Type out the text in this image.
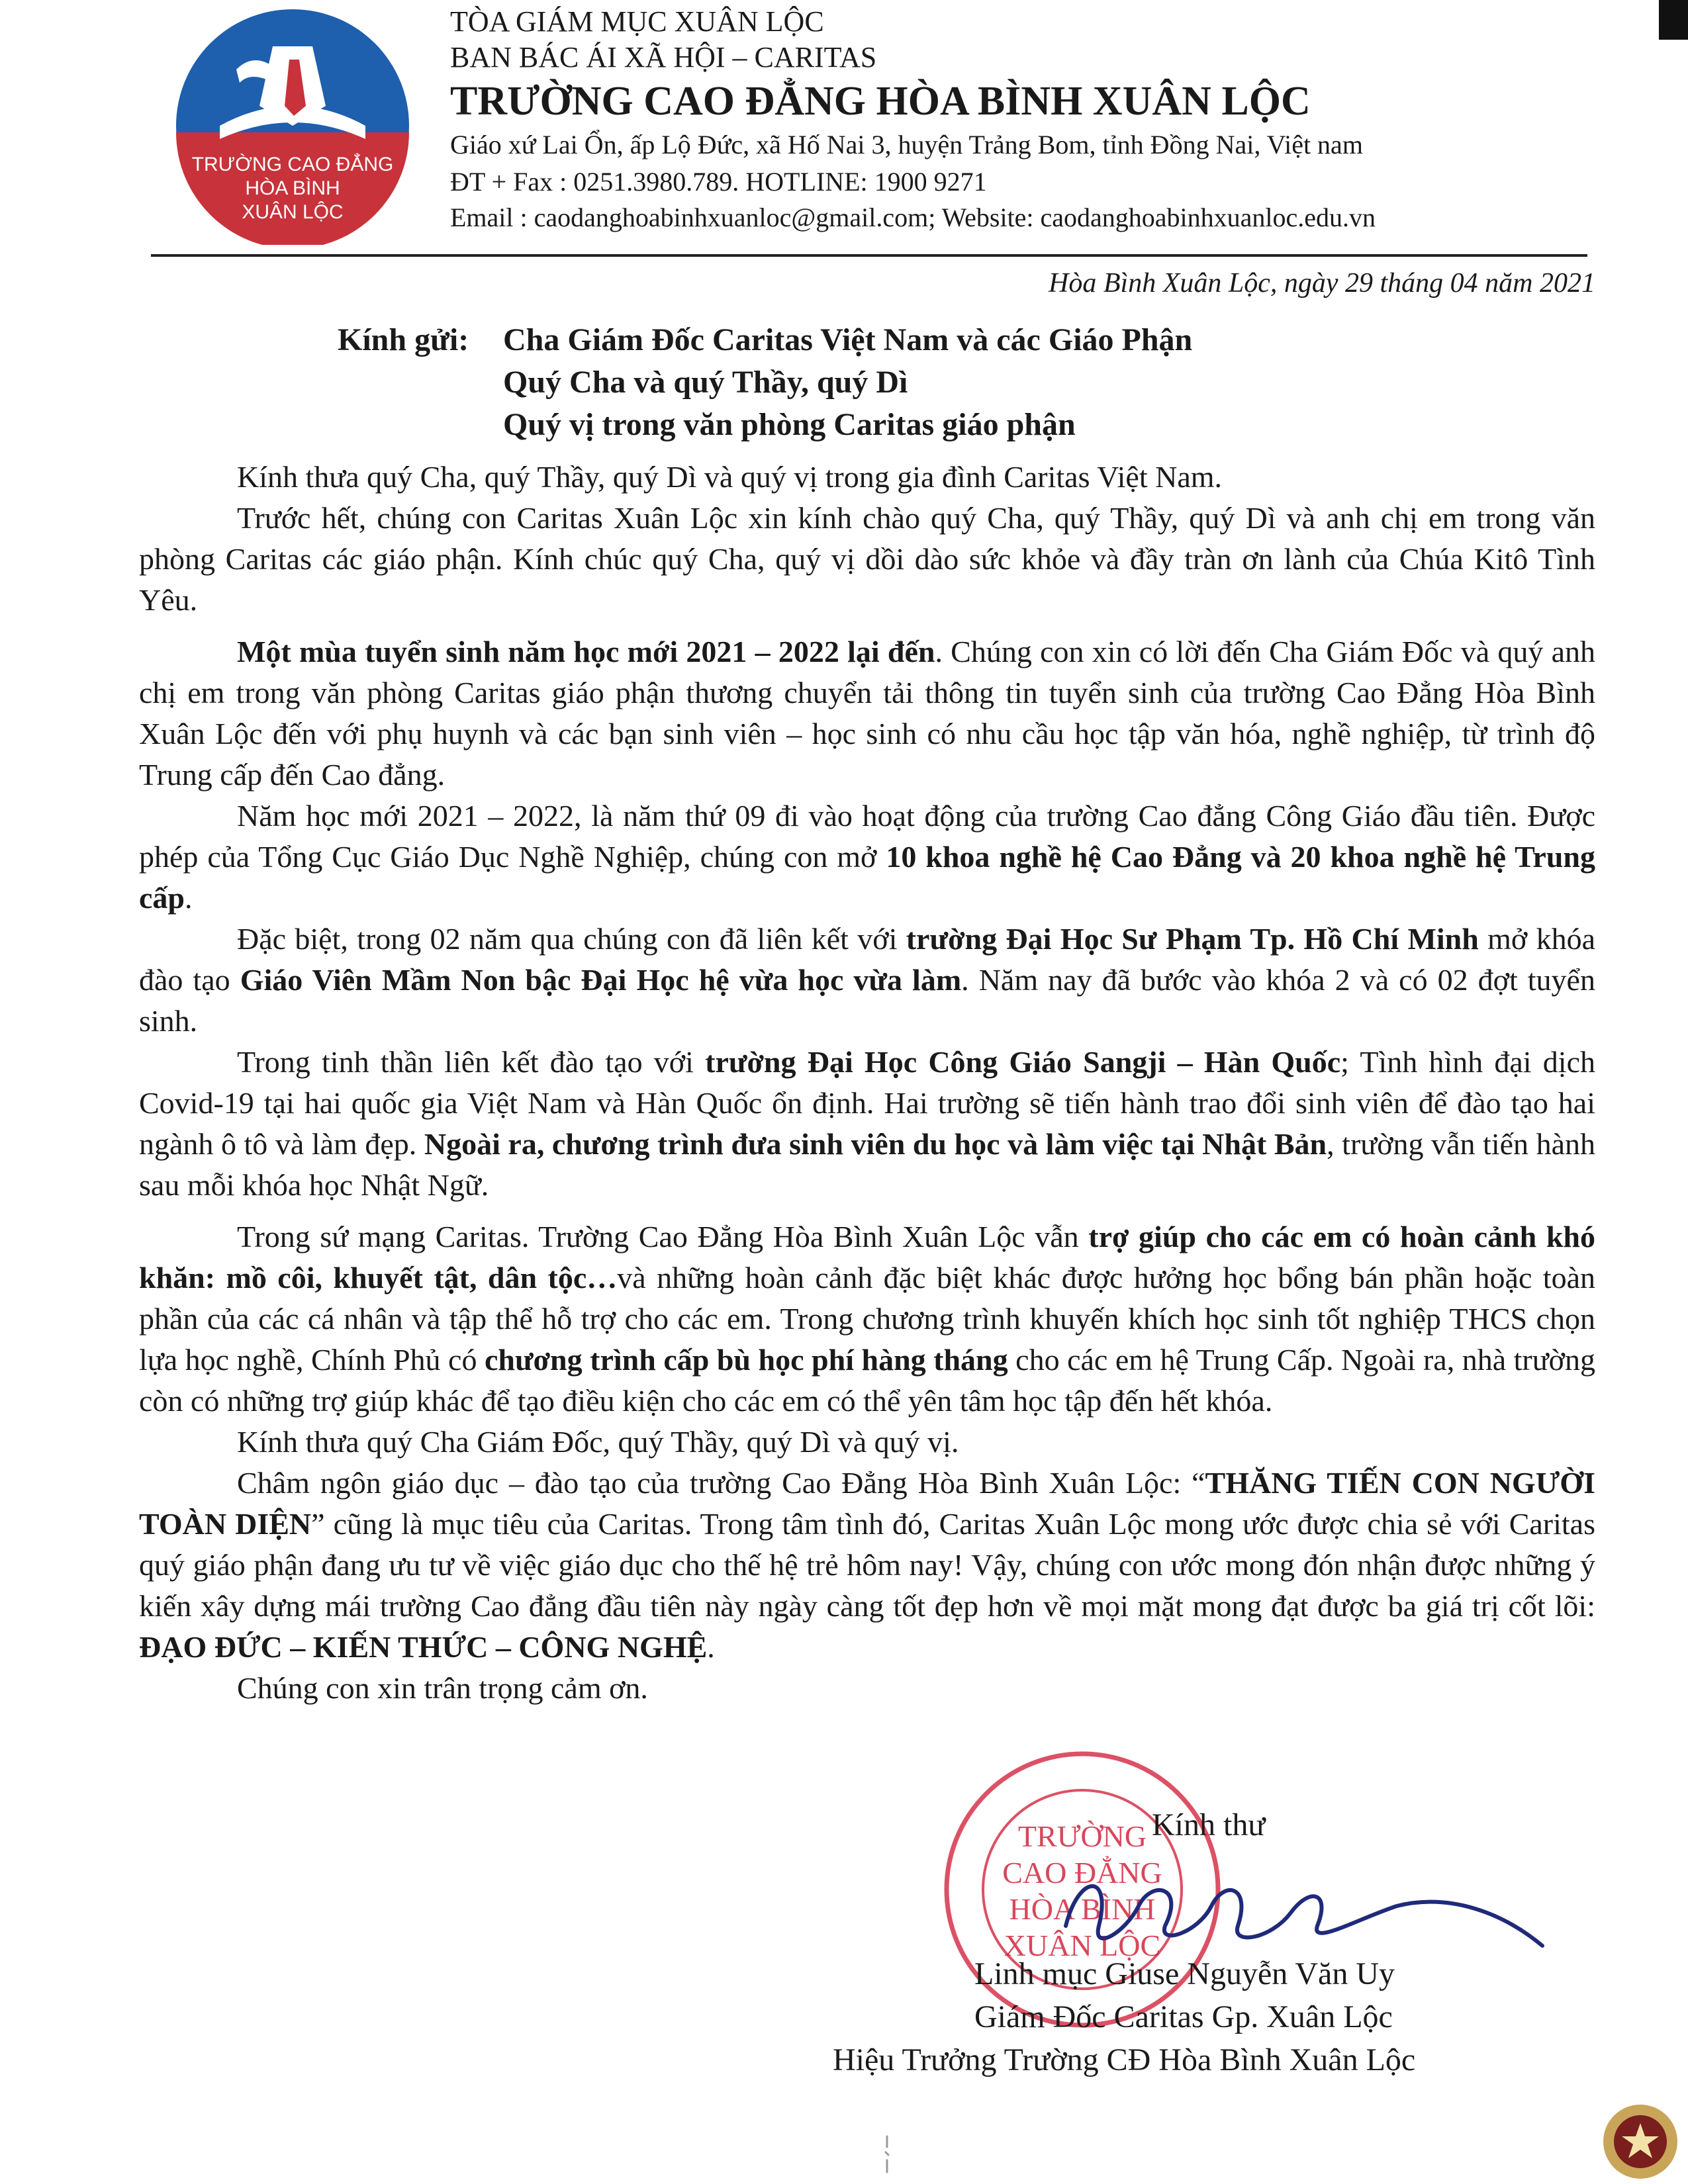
TRƯỜNG CAO ĐẲNG
HÒA BÌNH
XUÂN LỘC
TÒA GIÁM MỤC XUÂN LỘC
BAN BÁC ÁI XÃ HỘI – CARITAS
TRƯỜNG CAO ĐẲNG HÒA BÌNH XUÂN LỘC
Giáo xứ Lai Ổn, ấp Lộ Đức, xã Hố Nai 3, huyện Trảng Bom, tỉnh Đồng Nai, Việt nam
ĐT + Fax : 0251.3980.789. HOTLINE: 1900 9271
Email : caodanghoabinhxuanloc@gmail.com; Website: caodanghoabinhxuanloc.edu.vn
Hòa Bình Xuân Lộc, ngày 29 tháng 04 năm 2021
Kính gửi:	Cha Giám Đốc Caritas Việt Nam và các Giáo Phận
Quý Cha và quý Thầy, quý Dì
Quý vị trong văn phòng Caritas giáo phận

Kính thưa quý Cha, quý Thầy, quý Dì và quý vị trong gia đình Caritas Việt Nam.

Trước hết, chúng con Caritas Xuân Lộc xin kính chào quý Cha, quý Thầy, quý Dì và anh chị em trong văn phòng Caritas các giáo phận. Kính chúc quý Cha, quý vị dồi dào sức khỏe và đầy tràn ơn lành của Chúa Kitô Tình Yêu.

Một mùa tuyển sinh năm học mới 2021 – 2022 lại đến. Chúng con xin có lời đến Cha Giám Đốc và quý anh chị em trong văn phòng Caritas giáo phận thương chuyển tải thông tin tuyển sinh của trường Cao Đẳng Hòa Bình Xuân Lộc đến với phụ huynh và các bạn sinh viên – học sinh có nhu cầu học tập văn hóa, nghề nghiệp, từ trình độ Trung cấp đến Cao đẳng.

Năm học mới 2021 – 2022, là năm thứ 09 đi vào hoạt động của trường Cao đẳng Công Giáo đầu tiên. Được phép của Tổng Cục Giáo Dục Nghề Nghiệp, chúng con mở 10 khoa nghề hệ Cao Đẳng và 20 khoa nghề hệ Trung cấp.

Đặc biệt, trong 02 năm qua chúng con đã liên kết với trường Đại Học Sư Phạm Tp. Hồ Chí Minh mở khóa đào tạo Giáo Viên Mầm Non bậc Đại Học hệ vừa học vừa làm. Năm nay đã bước vào khóa 2 và có 02 đợt tuyển sinh.

Trong tinh thần liên kết đào tạo với trường Đại Học Công Giáo Sangji – Hàn Quốc; Tình hình đại dịch Covid-19 tại hai quốc gia Việt Nam và Hàn Quốc ổn định. Hai trường sẽ tiến hành trao đổi sinh viên để đào tạo hai ngành ô tô và làm đẹp. Ngoài ra, chương trình đưa sinh viên du học và làm việc tại Nhật Bản, trường vẫn tiến hành sau mỗi khóa học Nhật Ngữ.

Trong sứ mạng Caritas. Trường Cao Đẳng Hòa Bình Xuân Lộc vẫn trợ giúp cho các em có hoàn cảnh khó khăn: mồ côi, khuyết tật, dân tộc…và những hoàn cảnh đặc biệt khác được hưởng học bổng bán phần hoặc toàn phần của các cá nhân và tập thể hỗ trợ cho các em. Trong chương trình khuyến khích học sinh tốt nghiệp THCS chọn lựa học nghề, Chính Phủ có chương trình cấp bù học phí hàng tháng cho các em hệ Trung Cấp. Ngoài ra, nhà trường còn có những trợ giúp khác để tạo điều kiện cho các em có thể yên tâm học tập đến hết khóa.

Kính thưa quý Cha Giám Đốc, quý Thầy, quý Dì và quý vị.

Châm ngôn giáo dục – đào tạo của trường Cao Đẳng Hòa Bình Xuân Lộc: “THĂNG TIẾN CON NGƯỜI TOÀN DIỆN” cũng là mục tiêu của Caritas. Trong tâm tình đó, Caritas Xuân Lộc mong ước được chia sẻ với Caritas quý giáo phận đang ưu tư về việc giáo dục cho thế hệ trẻ hôm nay! Vậy, chúng con ước mong đón nhận được những ý kiến xây dựng mái trường Cao đẳng đầu tiên này ngày càng tốt đẹp hơn về mọi mặt mong đạt được ba giá trị cốt lõi: ĐẠO ĐỨC – KIẾN THỨC – CÔNG NGHỆ.

Chúng con xin trân trọng cảm ơn.

TRƯỜNG
CAO ĐẲNG
HÒA BÌNH
XUÂN LỘC
Kính thư
Linh mục Giuse Nguyễn Văn Uy
Giám Đốc Caritas Gp. Xuân Lộc
Hiệu Trưởng Trường CĐ Hòa Bình Xuân Lộc
